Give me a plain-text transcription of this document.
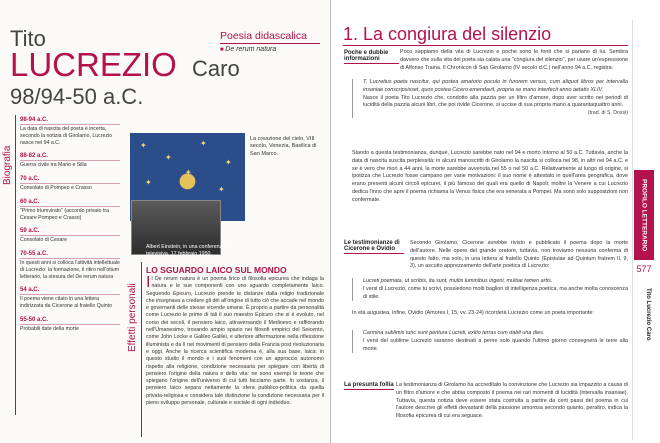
Tito
LUCREZIO Caro
98/94-50 a.C.
Poesia didascalica
■ De rerum natura
Biografia
98-94 a.C.
La data di nascita del poeta è incerta, secondo la notizia di Girolamo, Lucrezio nasce nel 94 a.C.
88-82 a.C.
Guerra civile tra Mario e Silla
70 a.C.
Consolato di Pompeo e Crasso
60 a.C.
"Primo triumvirato" (accordo privato tra Cesare Pompeo e Crasso)
59 a.C.
Consolato di Cesare
70-55 a.C.
In questi anni si colloca l'attività intellettuale di Lucrezio: la formazione, il ritiro nell'otium letterario, la stesura del De rerum natura
54 a.C.
Il poema viene citato in una lettera indirizzata da Cicerone al fratello Quinto
55-50 a.C.
Probabili date della morte
✦
✦
✦
✦
✦
✦
✦
La creazione del cielo, VIII secolo, Venezia, Basilica di San Marco.
Albert Einstein, in una conferenza televisiva, 17 febbraio 1950.
Effetti personali
LO SGUARDO LAICO SUL MONDO
Il De rerum natura è un poema lirico di filosofia epicurea che indaga la natura e le sue componenti con uno sguardo completamente laico. Seguendo Epicuro, Lucrezio prende le distanze dalla religio tradizionale che insegnava a credere gli dèi all'origine di tutto ciò che accade nel mondo e governanti delle stesse vicende umane. È proprio a partire da personalità come Lucrezio le prime di tali il suo maestro Epicuro che si è evoluto, nel corso dei secoli, il pensiero laico, attraversando il Medioevo e raffiorando nell'Umanesimo, trovando ampio spazio nei filosofi empirici del Seicento, come John Locke e Galileo Galilei, e ulteriore affermazione nella riflessione illuminista e da lì nei movimenti di pensiero della Francia post rivoluzionaria e oggi. Anche la ricerca scientifica moderna è, alla sua base, laica: in questo studio il mondo e i suoi fenomeni con un approccio autonomo rispetto alla religione, condizione necessaria per spiegare con libertà di pensiero l'origine della natura e della vita: ne sono esempi le teorie che spiegano l'origine dell'universo di cui tutti facciamo parte. In sostanza, il pensiero laico separa nettamente la sfera pubblico-politica da quella privata-religiosa e considera tale distinzione la condizione necessaria per il pieno sviluppo personale, culturale e sociale di ogni individuo.
1. La congiura del silenzio
Poche e dubbie informazioni
Poco sappiamo della vita di Lucrezio e poche sono le fonti che si parlano di lui. Sembra davvero che sulla vita del poeta sia calata una "congiura del silenzio", per usare un'espressione di Alfonso Traina. Il Chronicon di San Girolamo (IV secolo d.C.) nell'anno 94 a.C. registra:
T. Lucretius poeta nascitur, qui postea amatorio poculo in furorem versus, cum aliquot libros per intervalla insaniae conscripsisset, quos postea Cicero emendavit, propria se manu interfecit anno aetatis XLIV.
Nasce il poeta Tito Lucrezio che, condotto alla pazzia per un filtro d'amore, dopo aver scritto nei periodi di lucidità della pazzia alcuni libri, che poi rivide Cicerone, si uccise di sua propria mano a quarantaquattro anni.
(trad. di S. Dossi)
Stando a questa testimonianza, dunque, Lucrezio sarebbe nato nel 94 e morto intorno al 50 a.C. Tuttavia, anche la data di nascita suscita perplessità: in alcuni manoscritti di Girolamo la nascita si colloca nel 98, in altri nel 94 a.C. e se è vero che morì a 44 anni, la morte sarebbe avvenuta nel 55 o nel 50 a.C. Relativamente al luogo di origine, si ipotizza che Lucrezio fosse campano per varie motivazioni: il suo nome è attestato in quell'area geografica, dove erano presenti alcuni circoli epicurei, il più famoso dei quali era quello di Napoli; inoltre la Venere a cui Lucrezio dedica l'inno che apre il poema richiama la Venus fisica che era venerata a Pompei. Ma sono solo supposizioni non confermate.
Le testimonianze di Cicerone e Ovidio
Secondo Girolamo, Cicerone avrebbe rivisto e pubblicato il poema dopo la morte dell'autore. Nelle opere del grande oratore, tuttavia, non troviamo nessuna conferma di questo fatto, ma solo, in una lettera al fratello Quinto (Epistulae ad Quintum fratrem II, 9, 3), un ascutto apprezzamento dell'arte poetica di Lucrezio:
Lucreti poemata, ut scribis, ita sunt, multis luminibus ingeni, multae tamen artis.
I versi di Lucrezio, come tu scrivi, possiedono molti bagliori di intelligenza poetica, ma anche molta conoscenza di stile.
In età augustea, infine, Ovidio (Amores I, 15, vv. 23-24) ricorderà Lucrezio come un poeta importante:
Carmina sublimis tunc sunt peritura Lucreti, exitio terras cum dabit una dies.
I versi del sublime Lucrezio saranno destinati a perire solo quando l'ultimo giorno consegnerà le terre alla morte.
La presunta follia La testimonianza di Girolamo ha accreditato la convinzione che Lucrezio sia impazzito a causa di un filtro d'amore e che abbia composto il poema nei rari momenti di lucidità (intervalla insaniae). Tuttavia, questa notizia deve essere stata costruita a partire da certi passi del poema in cui l'autore descrive gli effetti devastanti della passione amorosa secondo quanto, peraltro, indica la filosofia epicurea di cui era seguace.
PROFILO LETTERARIO
577
Tito Lucrezio Caro
